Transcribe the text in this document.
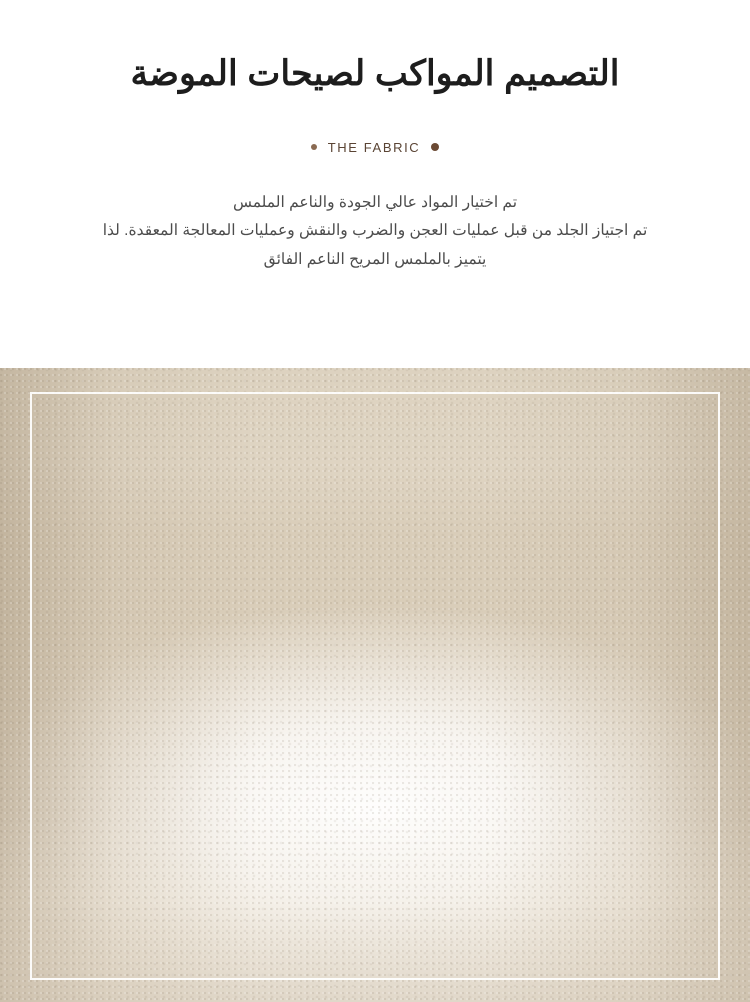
التصميم المواكب لصيحات الموضة
THE FABRIC
تم اختيار المواد عالي الجودة والناعم الملمس
تم اجتياز الجلد من قبل عمليات العجن والضرب والنقش وعمليات المعالجة المعقدة. لذا
يتميز بالملمس المريح الناعم الفائق
